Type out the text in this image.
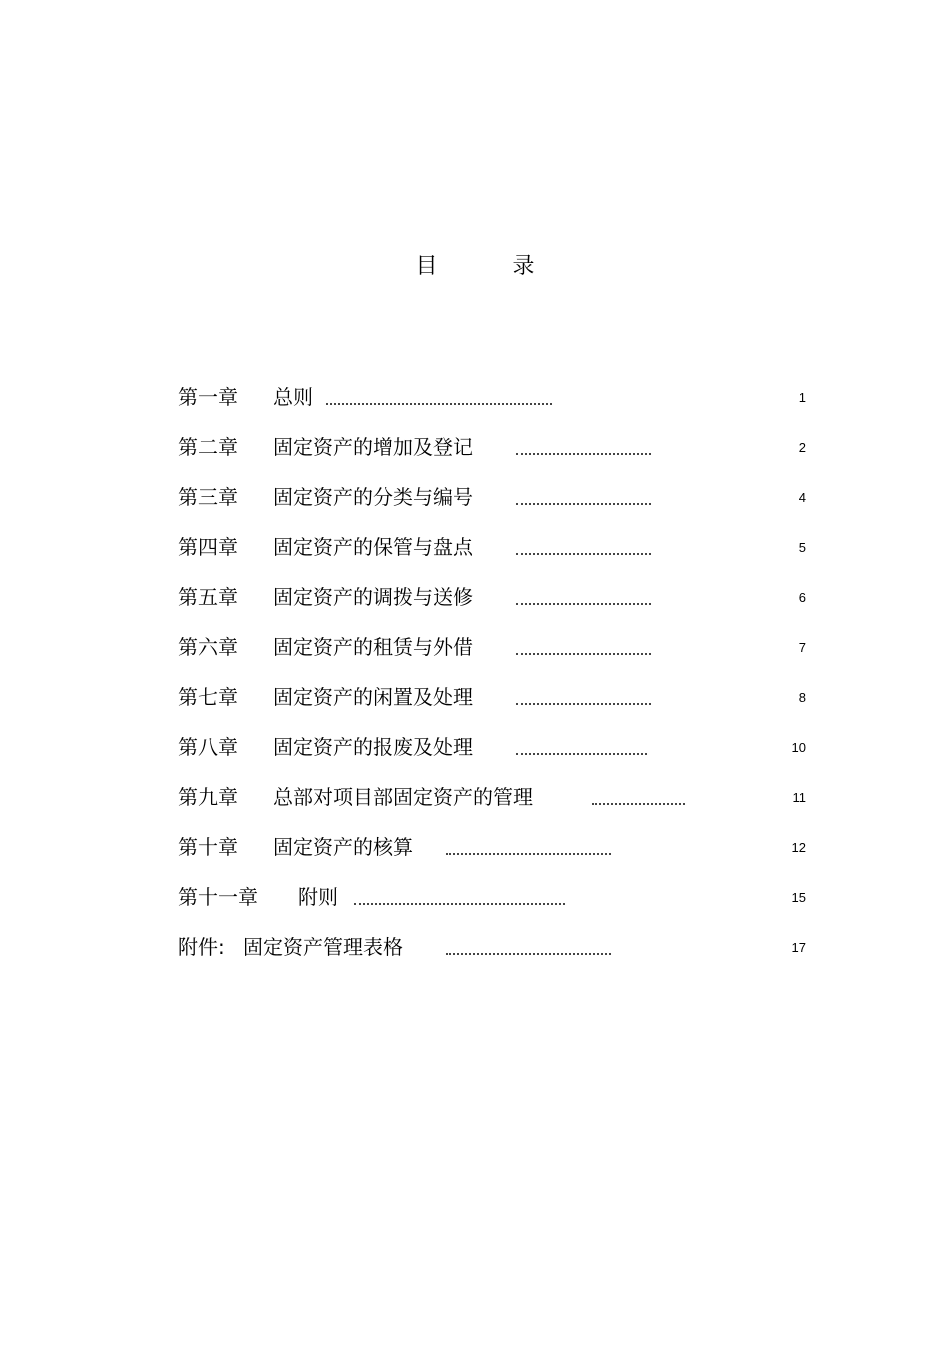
目 录
第一章 总则	1
第二章 固定资产的增加及登记	2
第三章 固定资产的分类与编号	4
第四章 固定资产的保管与盘点	5
第五章 固定资产的调拨与送修	6
第六章 固定资产的租赁与外借	7
第七章 固定资产的闲置及处理	8
第八章 固定资产的报废及处理	10
第九章 总部对项目部固定资产的管理	11
第十章 固定资产的核算	12
第十一章 附则	15
附件: 固定资产管理表格	17
